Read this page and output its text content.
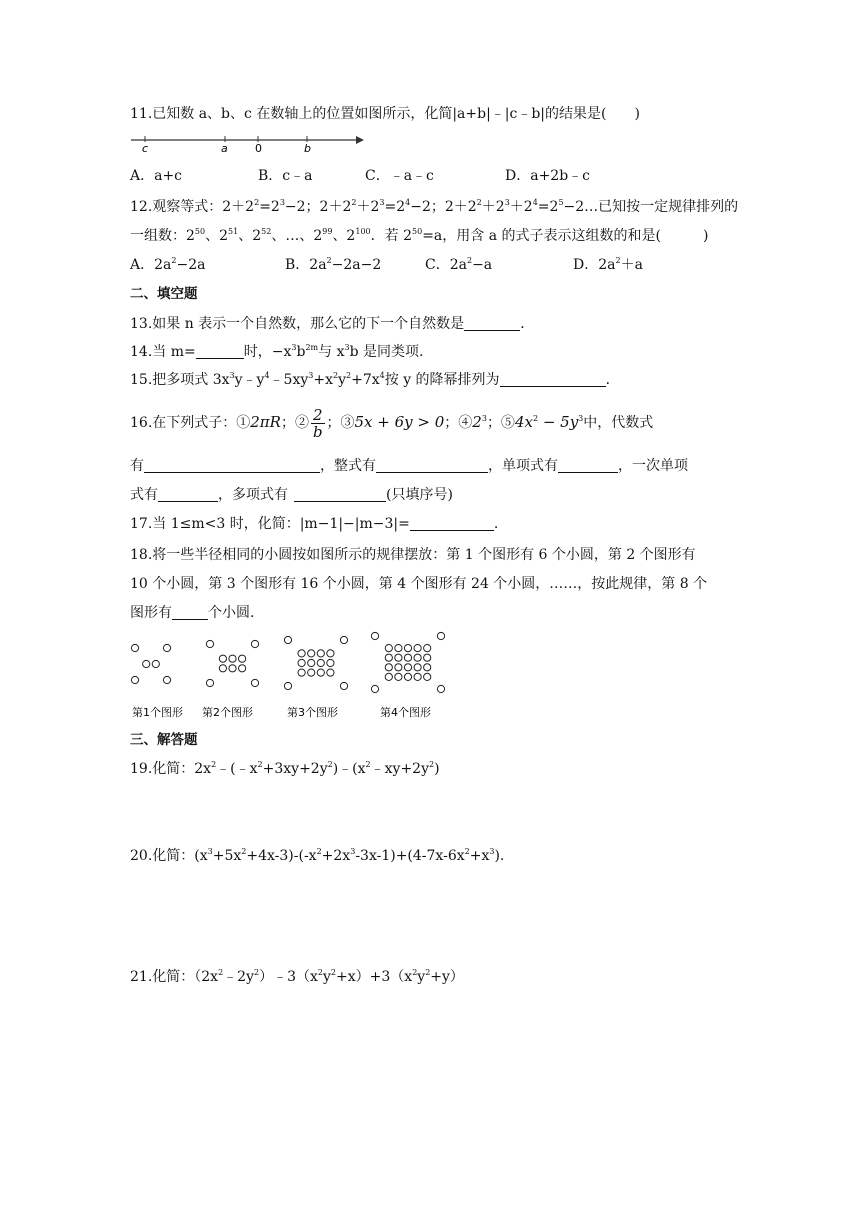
11.已知数 a、b、c 在数轴上的位置如图所示，化简|a+b|﹣|c﹣b|的结果是(　　)
c	a 0	b
A．a+c	B．c﹣a	C．﹣a﹣c	D．a+2b﹣c
12.观察等式：$2+2^2=2^3-2$；$2+2^2+2^3=2^4-2$；$2+2^2+2^3+2^4=2^5-2\dots$已知按一定规律排列的
一组数：$2^{50}$、$2^{51}$、$2^{52}$、…、$2^{99}$、$2^{100}$．若 $2^{50}=a$，用含 a 的式子表示这组数的和是(　　　)
A．$2a^2-2a$	B．$2a^2-2a-2$	C．$2a^2-a$	D．$2a^2+a$
二、填空题
13.如果 n 表示一个自然数，那么它的下一个自然数是	．
14.当 m=	时，$-x^3b^{2m}$与 $x^3b$ 是同类项.
15.把多项式 $3x^3y﹣y^4﹣5xy^3+x^2y^2+7x^4$按 y 的降幂排列为	．
16.在下列式子：①2πR；② $\frac{2}{b}$ ；③5x + 6y > 0；$④2^3$；$⑤4x^2 - 5y^3$中，代数式
有	，整式有	，单项式有	，一次单项
式有	，多项式有	(只填序号)
17.当 1≤m<3 时，化简：|m−1|−|m−3|=	.
18.将一些半径相同的小圆按如图所示的规律摆放：第 1 个图形有 6 个小圆，第 2 个图形有
10 个小圆，第 3 个图形有 16 个小圆，第 4 个图形有 24 个小圆，……，按此规律，第 8 个
图形有	个小圆.
第1个图形 第2个图形	第3个图形	第4个图形
三、解答题
19.化简：$2x^2﹣(﹣x^2+3xy+2y^2)﹣(x^2﹣xy+2y^2)$
20.化简：$(x^3+5x^2+4x-3)-(-x^2+2x^3-3x-1)+(4-7x-6x^2+x^3)$.
21.化简：$(2x^2﹣2y^2)﹣3(x^2y^2+x)+3(x^2y^2+y)$
